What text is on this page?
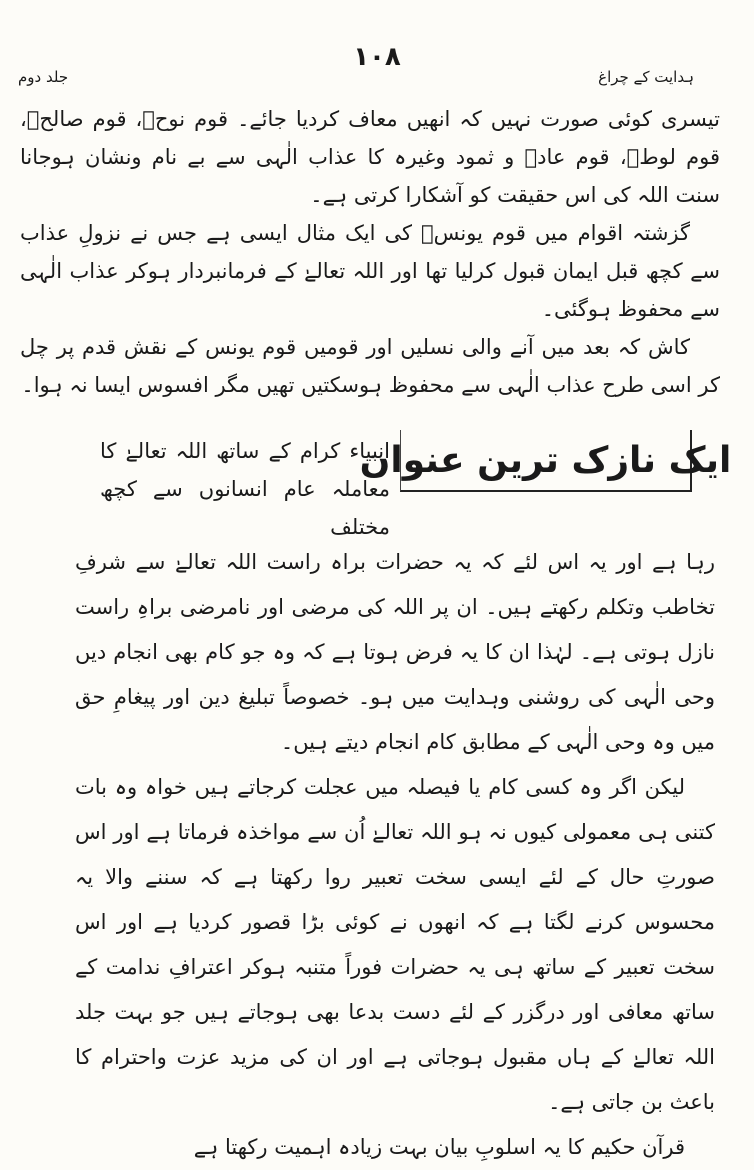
۱۰۸
ہدایت کے چراغ
جلد دوم

تیسری کوئی صورت نہیں کہ انھیں معاف کردیا جائے۔ قوم نوحؑ، قوم صالحؑ، قوم لوطؑ، قوم عادؑ و ثمود وغیرہ کا عذاب الٰہی سے بے نام ونشان ہوجانا سنت اللہ کی اس حقیقت کو آشکارا کرتی ہے۔

گزشتہ اقوام میں قوم یونسؑ کی ایک مثال ایسی ہے جس نے نزولِ عذاب سے کچھ قبل ایمان قبول کرلیا تھا اور اللہ تعالےٰ کے فرمانبردار ہوکر عذاب الٰہی سے محفوظ ہوگئی۔

کاش کہ بعد میں آنے والی نسلیں اور قومیں قوم یونس کے نقش قدم پر چل کر اسی طرح عذاب الٰہی سے محفوظ ہوسکتیں تھیں مگر افسوس ایسا نہ ہوا۔

ایک نازک ترین عنوان
انبیاء کرام کے ساتھ اللہ تعالےٰ کا معاملہ عام انسانوں سے کچھ مختلف

رہا ہے اور یہ اس لئے کہ یہ حضرات براہ راست اللہ تعالےٰ سے شرفِ تخاطب وتکلم رکھتے ہیں۔ ان پر اللہ کی مرضی اور نامرضی براہِ راست نازل ہوتی ہے۔ لہٰذا ان کا یہ فرض ہوتا ہے کہ وہ جو کام بھی انجام دیں وحی الٰہی کی روشنی وہدایت میں ہو۔ خصوصاً تبلیغ دین اور پیغامِ حق میں وہ وحی الٰہی کے مطابق کام انجام دیتے ہیں۔

لیکن اگر وہ کسی کام یا فیصلہ میں عجلت کرجاتے ہیں خواہ وہ بات کتنی ہی معمولی کیوں نہ ہو اللہ تعالےٰ اُن سے مواخذہ فرماتا ہے اور اس صورتِ حال کے لئے ایسی سخت تعبیر روا رکھتا ہے کہ سننے والا یہ محسوس کرنے لگتا ہے کہ انھوں نے کوئی بڑا قصور کردیا ہے اور اس سخت تعبیر کے ساتھ ہی یہ حضرات فوراً متنبہ ہوکر اعترافِ ندامت کے ساتھ معافی اور درگزر کے لئے دست بدعا بھی ہوجاتے ہیں جو بہت جلد اللہ تعالےٰ کے ہاں مقبول ہوجاتی ہے اور ان کی مزید عزت واحترام کا باعث بن جاتی ہے۔

قرآن حکیم کا یہ اسلوبِ بیان بہت زیادہ اہمیت رکھتا ہے
